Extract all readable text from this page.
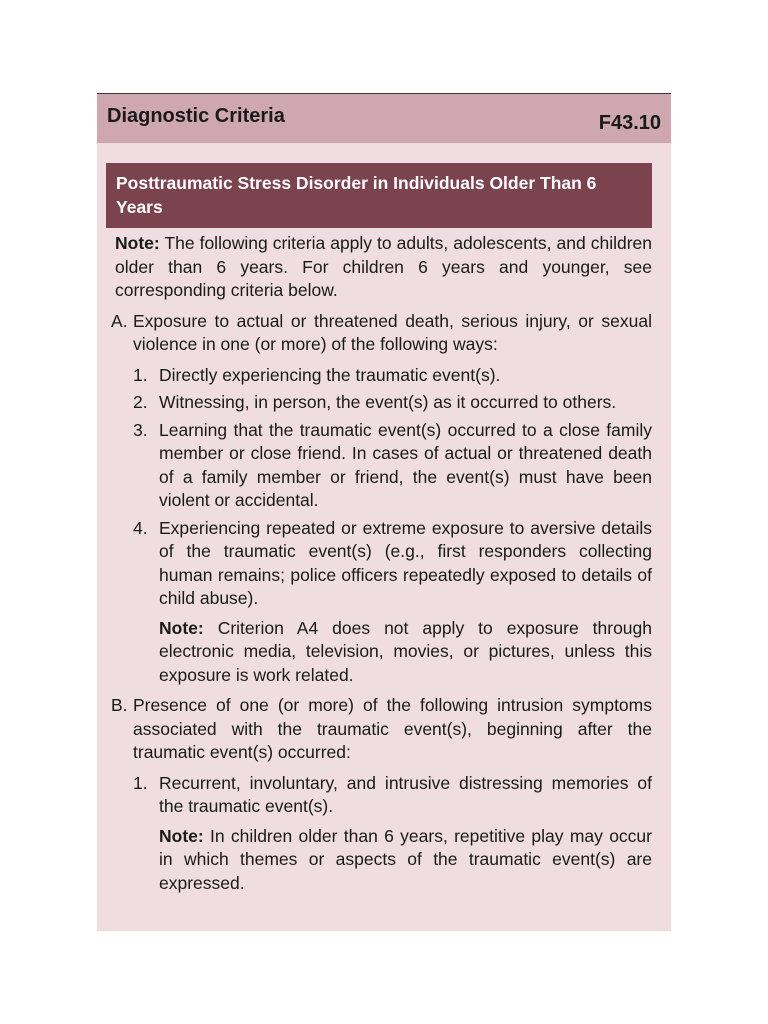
Diagnostic Criteria	F43.10
Posttraumatic Stress Disorder in Individuals Older Than 6 Years

Note: The following criteria apply to adults, adolescents, and children older than 6 years. For children 6 years and younger, see corresponding criteria below.

A. Exposure to actual or threatened death, serious injury, or sexual violence in one (or more) of the following ways:

1. Directly experiencing the traumatic event(s).
2. Witnessing, in person, the event(s) as it occurred to others.
3. Learning that the traumatic event(s) occurred to a close family member or close friend. In cases of actual or threatened death of a family member or friend, the event(s) must have been violent or accidental.
4. Experiencing repeated or extreme exposure to aversive details of the traumatic event(s) (e.g., first responders collecting human remains; police officers repeatedly exposed to details of child abuse).

Note: Criterion A4 does not apply to exposure through electronic media, television, movies, or pictures, unless this exposure is work related.

B. Presence of one (or more) of the following intrusion symptoms associated with the traumatic event(s), beginning after the traumatic event(s) occurred:

1. Recurrent, involuntary, and intrusive distressing memories of the traumatic event(s).

Note: In children older than 6 years, repetitive play may occur in which themes or aspects of the traumatic event(s) are expressed.
